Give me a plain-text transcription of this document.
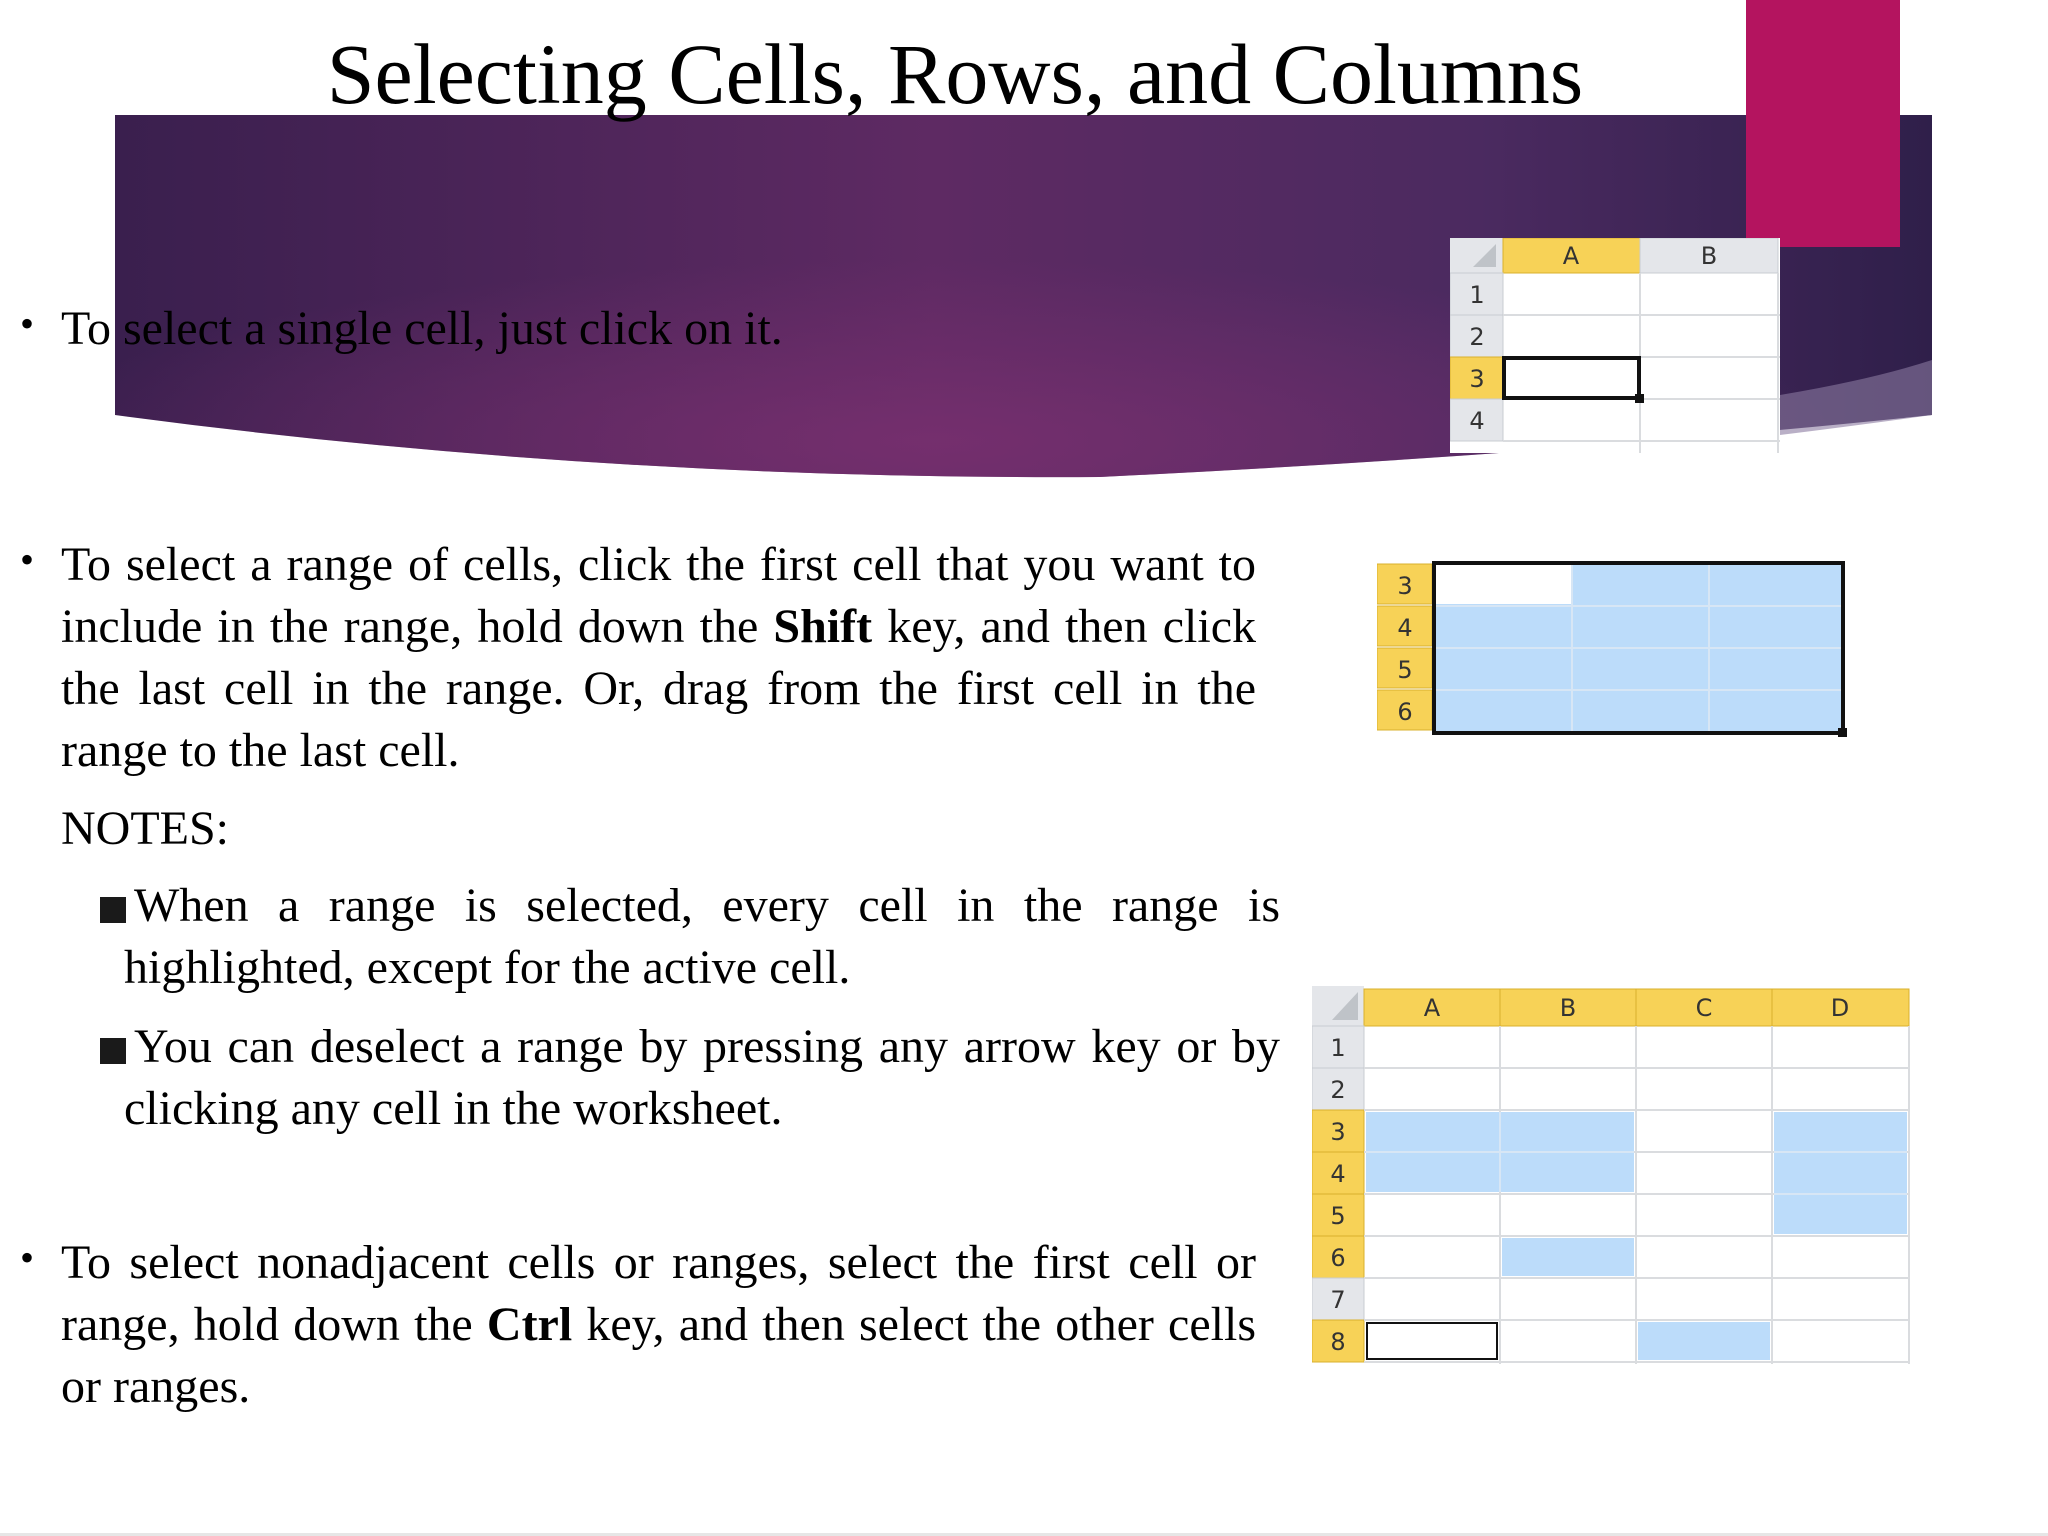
Selecting Cells, Rows, and Columns
• To select a single cell, just click on it.
• To select a range of cells, click the first cell that you want to include in the range, hold down the Shift key, and then click the last cell in the range. Or, drag from the first cell in the range to the last cell.
NOTES:
When a range is selected, every cell in the range is highlighted, except for the active cell.
You can deselect a range by pressing any arrow key or by clicking any cell in the worksheet.
• To select nonadjacent cells or ranges, select the first cell or range, hold down the Ctrl key, and then select the other cells or ranges.
A	B
1
2
3
4
3
4
5
6
A	B	C	D
1
2
3
4
5
6
7
8
